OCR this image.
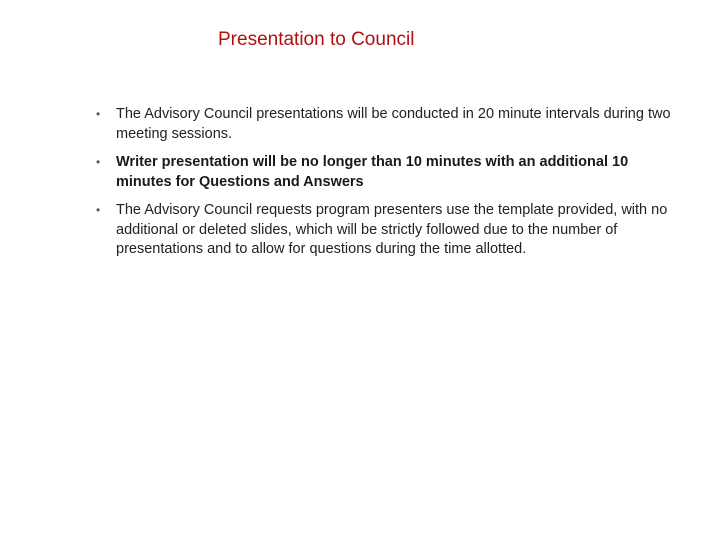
Presentation to Council
• The Advisory Council presentations will be conducted in 20 minute intervals during two meeting sessions.
• Writer presentation will be no longer than 10 minutes with an additional 10 minutes for Questions and Answers
• The Advisory Council requests program presenters use the template provided, with no additional or deleted slides, which will be strictly followed due to the number of presentations and to allow for questions during the time allotted.
